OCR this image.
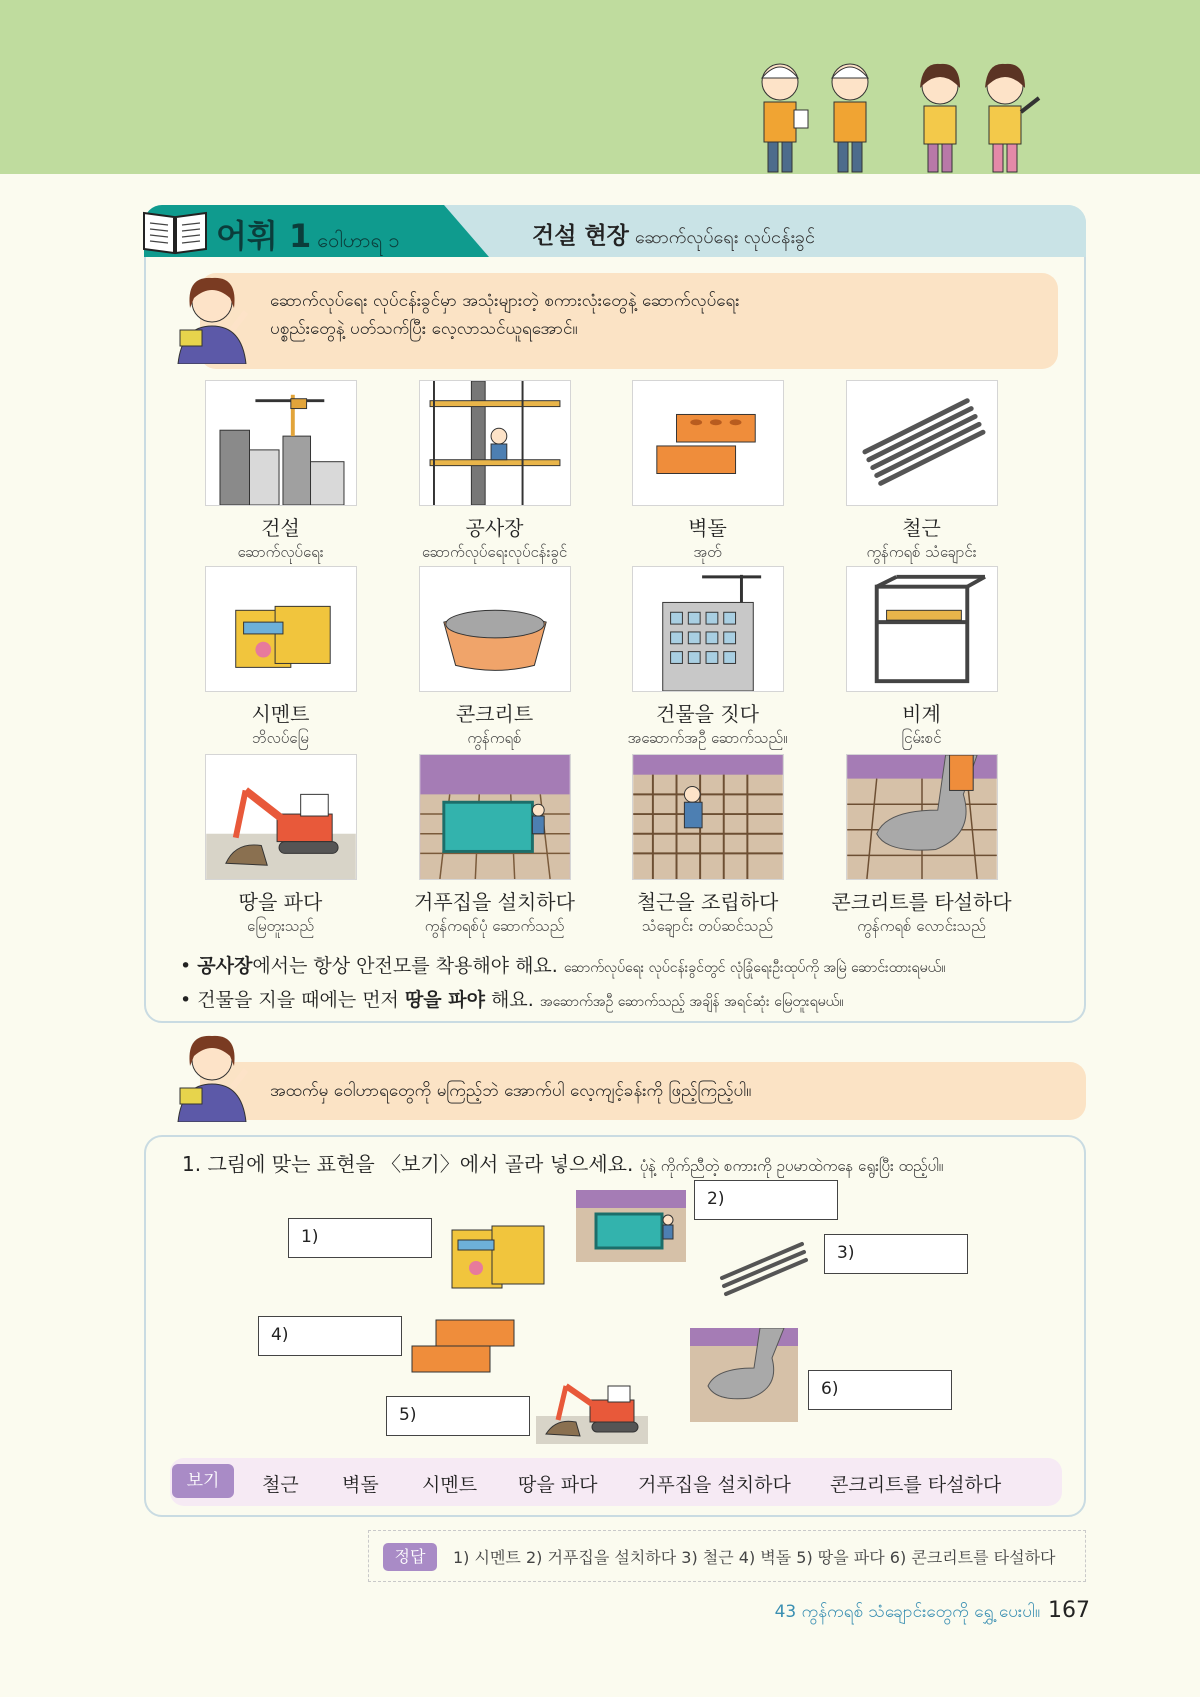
어휘 1 ဝေါဟာရ ၁	건설 현장 ဆောက်လုပ်ရေး လုပ်ငန်းခွင်
ဆောက်လုပ်ရေး လုပ်ငန်းခွင်မှာ အသုံးများတဲ့ စကားလုံးတွေနဲ့ ဆောက်လုပ်ရေး
ပစ္စည်းတွေနဲ့ ပတ်သက်ပြီး လေ့လာသင်ယူရအောင်။
건설
ဆောက်လုပ်ရေး
공사장
ဆောက်လုပ်ရေးလုပ်ငန်းခွင်
벽돌
အုတ်
철근
ကွန်ကရစ် သံချောင်း
시멘트
ဘိလပ်မြေ
콘크리트
ကွန်ကရစ်
건물을 짓다
အဆောက်အဦ ဆောက်သည်။
비계
ငြမ်းစင်
땅을 파다
မြေတူးသည်
거푸집을 설치하다
ကွန်ကရစ်ပုံ ဆောက်သည်
철근을 조립하다
သံချောင်း တပ်ဆင်သည်
콘크리트를 타설하다
ကွန်ကရစ် လောင်းသည်
• 공사장에서는 항상 안전모를 착용해야 해요. ဆောက်လုပ်ရေး လုပ်ငန်းခွင်တွင် လုံခြုံရေးဦးထုပ်ကို အမြဲ ဆောင်းထားရမယ်။
• 건물을 지을 때에는 먼저 땅을 파야 해요. အဆောက်အဦ ဆောက်သည့် အချိန် အရင်ဆုံး မြေတူးရမယ်။
အထက်မှ ဝေါဟာရတွေကို မကြည့်ဘဲ အောက်ပါ လေ့ကျင့်ခန်းကို ဖြည့်ကြည့်ပါ။
1. 그림에 맞는 표현을 〈보기〉에서 골라 넣으세요. ပုံနဲ့ ကိုက်ညီတဲ့ စကားကို ဥပမာထဲကနေ ရွေးပြီး ထည့်ပါ။
1)
2)
3)
4)
5)
6)
보기	철근 벽돌 시멘트 땅을 파다 거푸집을 설치하다 콘크리트를 타설하다
정답	1) 시멘트 2) 거푸집을 설치하다 3) 철근 4) 벽돌 5) 땅을 파다 6) 콘크리트를 타설하다
43 ကွန်ကရစ် သံချောင်းတွေကို ရွှေ့ ပေးပါ။ 167
